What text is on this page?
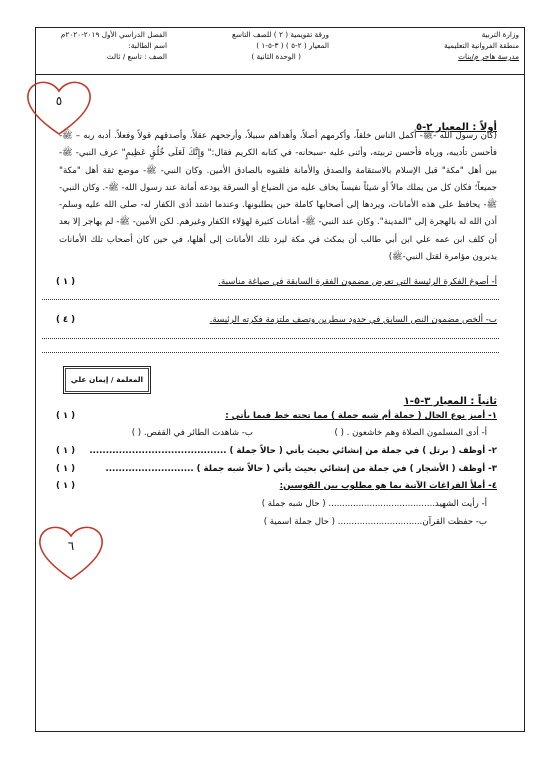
وزارة التربية
منطقة الفروانية التعليمية
مدرسة هاجر م/بنات
ورقة تقويمية ( ٢ ) للصف التاسع
المعيار ( ٢-٥ ) ( ٣-٥-١ )
( الوحدة الثانية )
الفصل الدراسي الأول ٢٠١٩-٢٠٢٠م
اسم الطالبة:
الصف : تاسع / ثالث
٥
أولاً : المعيار ٢-٥
(كان رسول الله -ﷺ- أكمل الناس خلقاً، وأكرمهم أصلاً، وأهداهم سبيلاً، وأرجحهم عقلاً، وأصدقهم قولاً وفعلاً. أدبه ربه – ﷺ- فأحسن تأديبه، ورباه فأحسن تربيته، وأثنى عليه -سبحانه- في كتابه الكريم فقال:" وَإِنَّكَ لَعَلَى خُلُقٍ عَظِيمٍ" عرف النبي- ﷺ- بين أهل "مكة" قبل الإسلام بالاستقامة والصدق والأمانة فلقبوه بالصادق الأمين. وكان النبي- ﷺ- موضع ثقة أهل "مكة" جميعاً؛ فكان كل من يملك مالاً أو شيئاً نفيساً يخاف عليه من الضياع أو السرقة يودعه أمانة عند رسول الله- ﷺ-. وكان النبي- ﷺ- يحافظ على هذه الأمانات، ويردها إلى أصحابها كاملة حين يطلبونها. وعندما اشتد أذى الكفار له- صلى الله عليه وسلم- أذن الله له بالهجرة إلى "المدينة". وكان عند النبي- ﷺ- أمانات كثيرة لهؤلاء الكفار وغيرهم. لكن الأمين- ﷺ- لم يهاجر إلا بعد أن كلف ابن عمه علي ابن أبي طالب أن يمكث في مكة ليرد تلك الأمانات إلى أهلها، في حين كان أصحاب تلك الأمانات يدبرون مؤامرة لقتل النبي-ﷺ)
أ- أصوغ الفكرة الرئيسة التي تعرض مضمون الفقرة السابقة في صياغة مناسبة.
( ١ )
ب- ألخص مضمون النص السابق في حدود سطرين وتصف ملتزمة فكرته الرئيسة.
( ٤ )
المعلمة / إيمان علي
ثانياً : المعيار ٣-٥-١
١- أميز نوع الحال ( جملة أم شبه جملة ) مما تحته خط فيما يأتي :
( ١ )
أ- أدى المسلمون الصلاة وهم خاشعون . ( )
ب- شاهدت الطائر في القفص. ( )
٢- أوظف ( برتل ) في جملة من إنشائي بحيث يأتي ( حالاً جملة ) ..........................................
( ١ )
٣- أوظف ( الأشجار ) في جملة من إنشائي بحيث يأتي ( حالاً شبه جملة ) ...........................
( ١ )
٤- أملأ الفراغات الآتية بما هو مطلوب بين القوسين:
( ١ )
أ- رأيت الشهيد....................................... ( حال شبه جملة )
ب- حفظت القرآن............................... ( حال جملة اسمية )
٦
